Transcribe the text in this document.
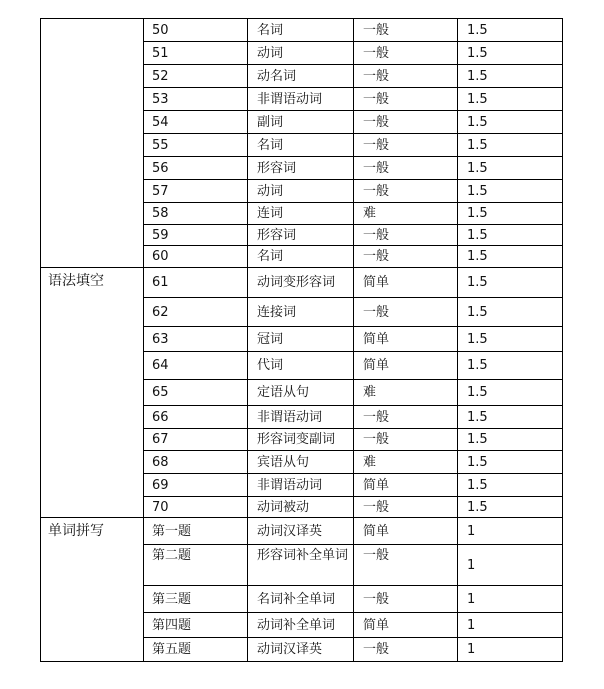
	50	名词	一般	1.5
	51	动词	一般	1.5
	52	动名词	一般	1.5
	53	非谓语动词	一般	1.5
	54	副词	一般	1.5
	55	名词	一般	1.5
	56	形容词	一般	1.5
	57	动词	一般	1.5
	58	连词	难	1.5
	59	形容词	一般	1.5
	60	名词	一般	1.5
语法填空	61	动词变形容词	简单	1.5
	62	连接词	一般	1.5
	63	冠词	简单	1.5
	64	代词	简单	1.5
	65	定语从句	难	1.5
	66	非谓语动词	一般	1.5
	67	形容词变副词	一般	1.5
	68	宾语从句	难	1.5
	69	非谓语动词	简单	1.5
	70	动词被动	一般	1.5
单词拼写	第一题	动词汉译英	简单	1
	第二题	形容词补全单词	一般	1
	第三题	名词补全单词	一般	1
	第四题	动词补全单词	简单	1
	第五题	动词汉译英	一般	1
